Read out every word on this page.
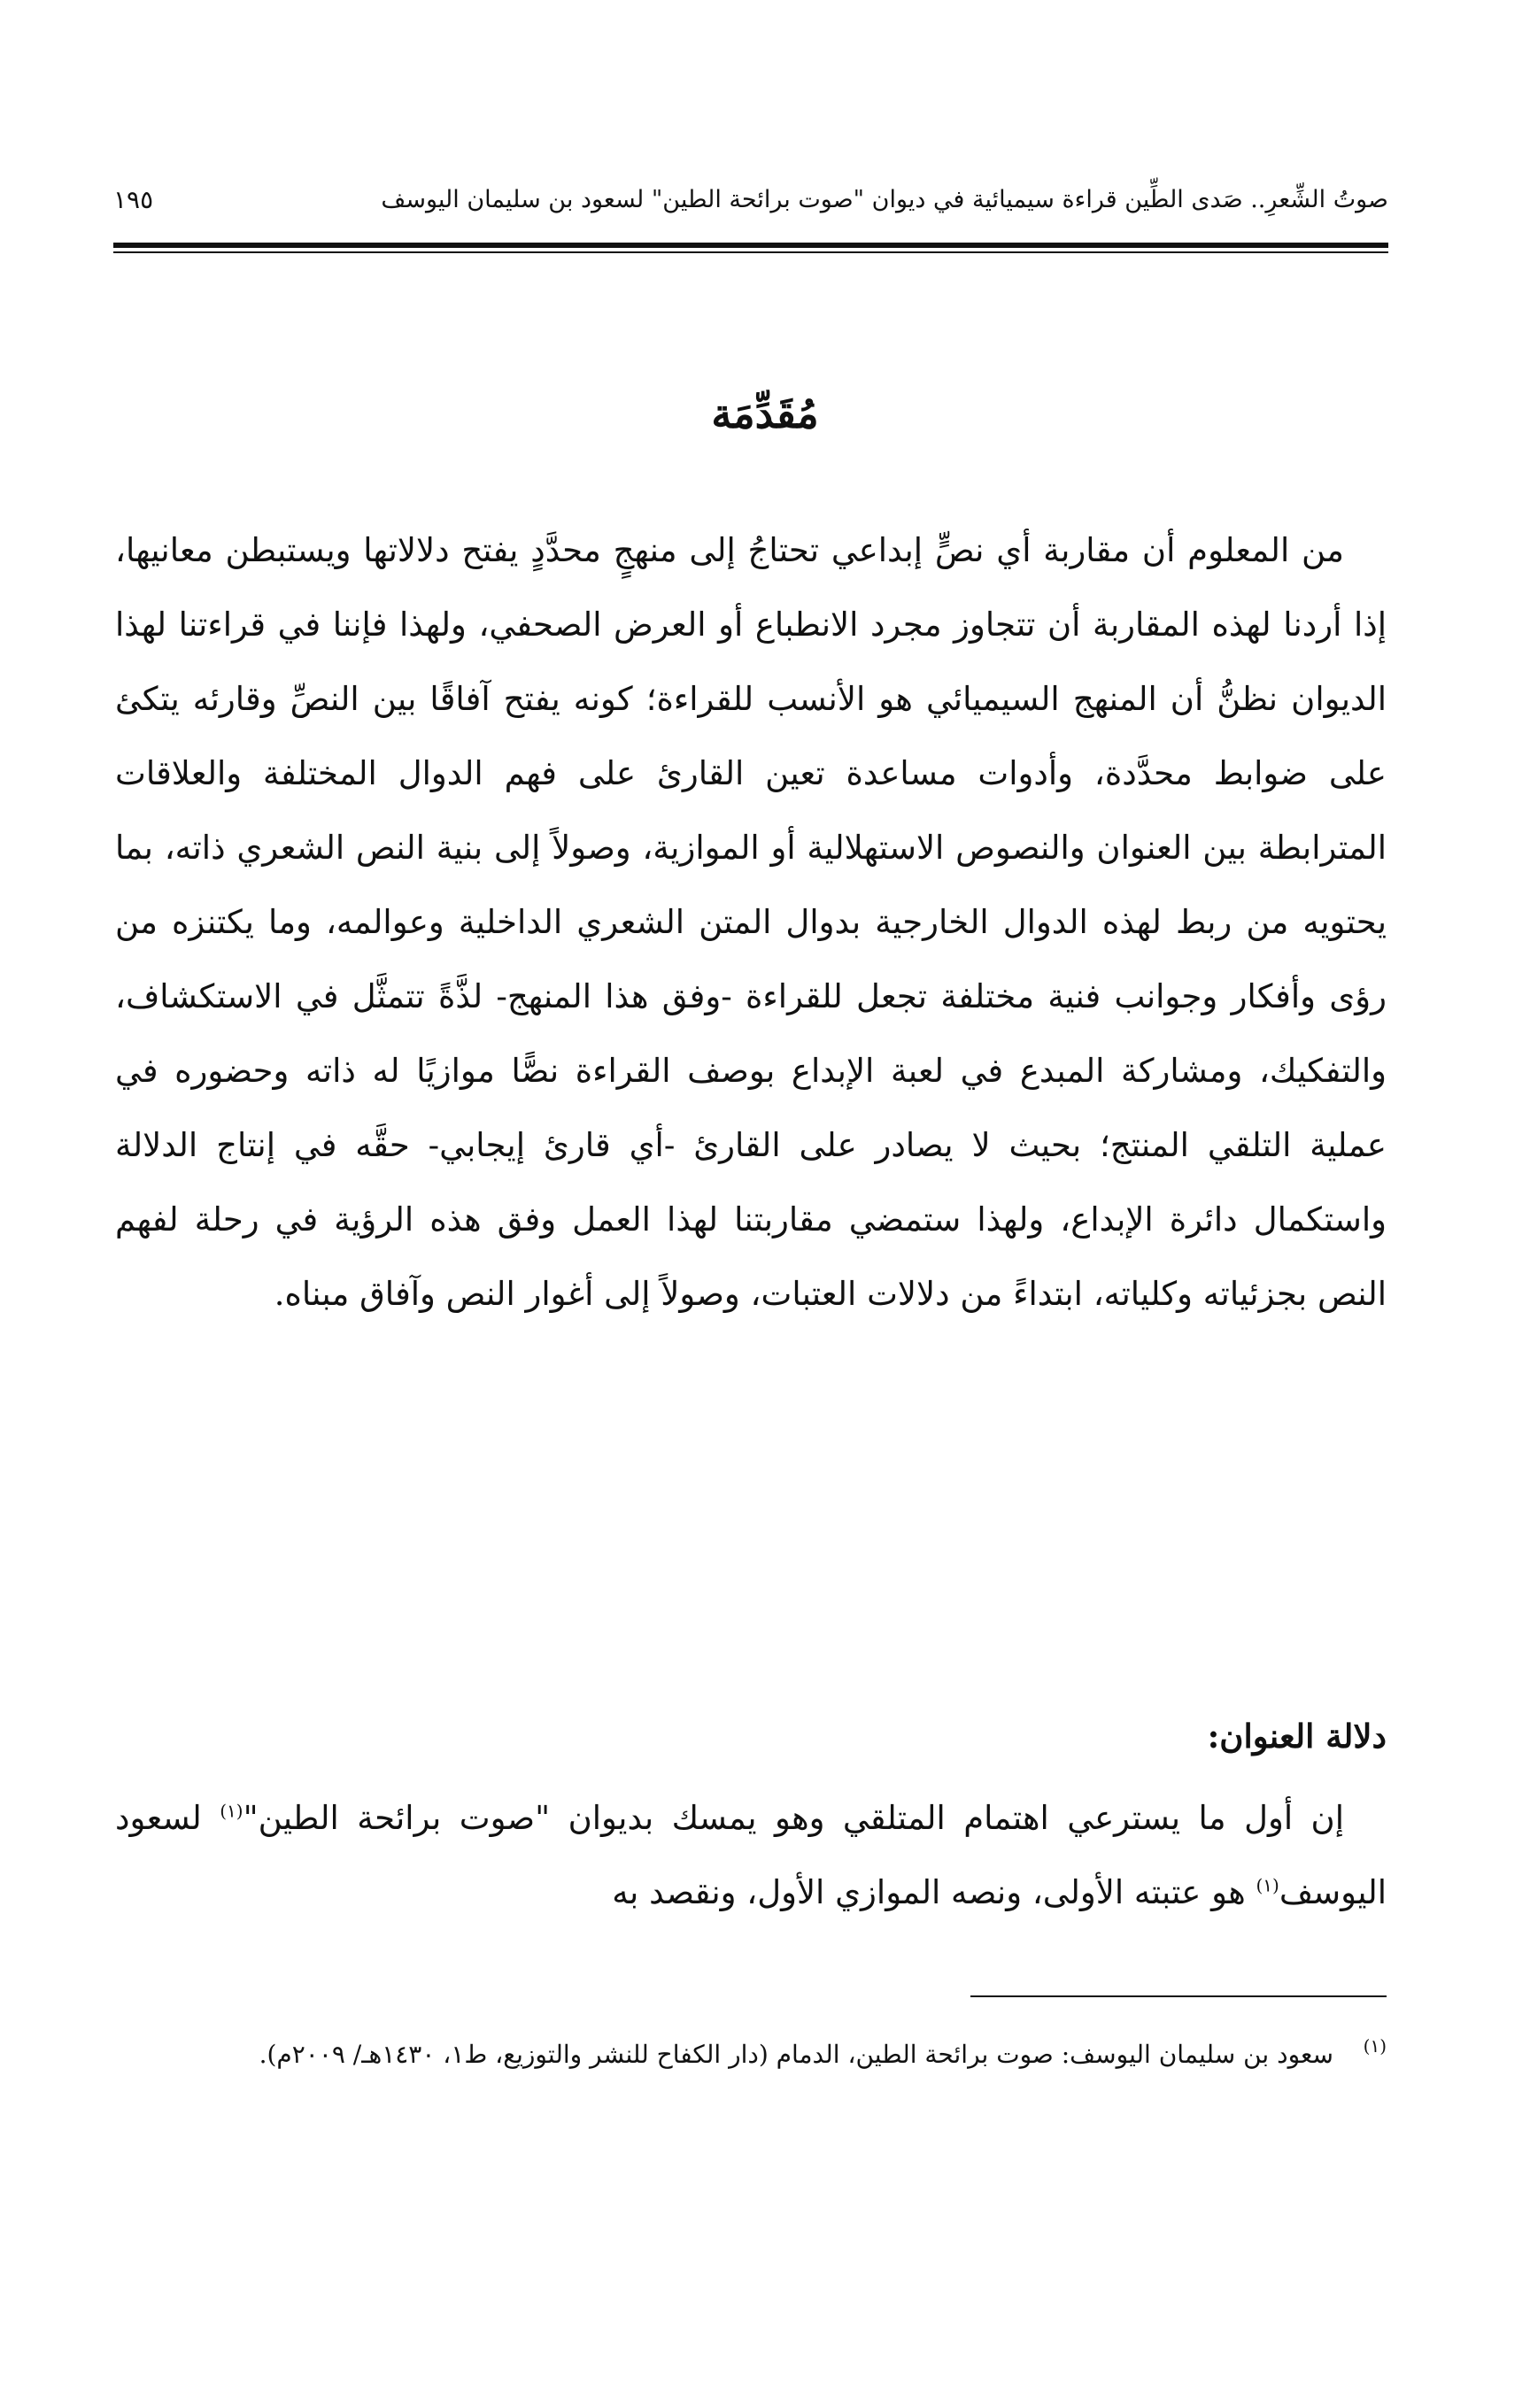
صوتُ الشِّعرِ.. صَدى الطِّين قراءة سيميائية في ديوان "صوت برائحة الطين" لسعود بن سليمان اليوسف
١٩٥
مُقَدِّمَة

من المعلوم أن مقاربة أي نصٍّ إبداعي تحتاجُ إلى منهجٍ محدَّدٍ يفتح دلالاتها ويستبطن معانيها، إذا أردنا لهذه المقاربة أن تتجاوز مجرد الانطباع أو العرض الصحفي، ولهذا فإننا في قراءتنا لهذا الديوان نظنُّ أن المنهج السيميائي هو الأنسب للقراءة؛ كونه يفتح آفاقًا بين النصِّ وقارئه يتكئ على ضوابط محدَّدة، وأدوات مساعدة تعين القارئ على فهم الدوال المختلفة والعلاقات المترابطة بين العنوان والنصوص الاستهلالية أو الموازية، وصولاً إلى بنية النص الشعري ذاته، بما يحتويه من ربط لهذه الدوال الخارجية بدوال المتن الشعري الداخلية وعوالمه، وما يكتنزه من رؤى وأفكار وجوانب فنية مختلفة تجعل للقراءة -وفق هذا المنهج- لذَّةً تتمثَّل في الاستكشاف، والتفكيك، ومشاركة المبدع في لعبة الإبداع بوصف القراءة نصًّا موازيًا له ذاته وحضوره في عملية التلقي المنتج؛ بحيث لا يصادر على القارئ -أي قارئ إيجابي- حقَّه في إنتاج الدلالة واستكمال دائرة الإبداع، ولهذا ستمضي مقاربتنا لهذا العمل وفق هذه الرؤية في رحلة لفهم النص بجزئياته وكلياته، ابتداءً من دلالات العتبات، وصولاً إلى أغوار النص وآفاق مبناه.

دلالة العنوان:

إن أول ما يسترعي اهتمام المتلقي وهو يمسك بديوان "صوت برائحة الطين"$^{(١)}$ لسعود اليوسف$^{(١)}$ هو عتبته الأولى، ونصه الموازي الأول، ونقصد به

(١)
سعود بن سليمان اليوسف: صوت برائحة الطين، الدمام (دار الكفاح للنشر والتوزيع، ط١، ١٤٣٠هـ/ ٢٠٠٩م).
